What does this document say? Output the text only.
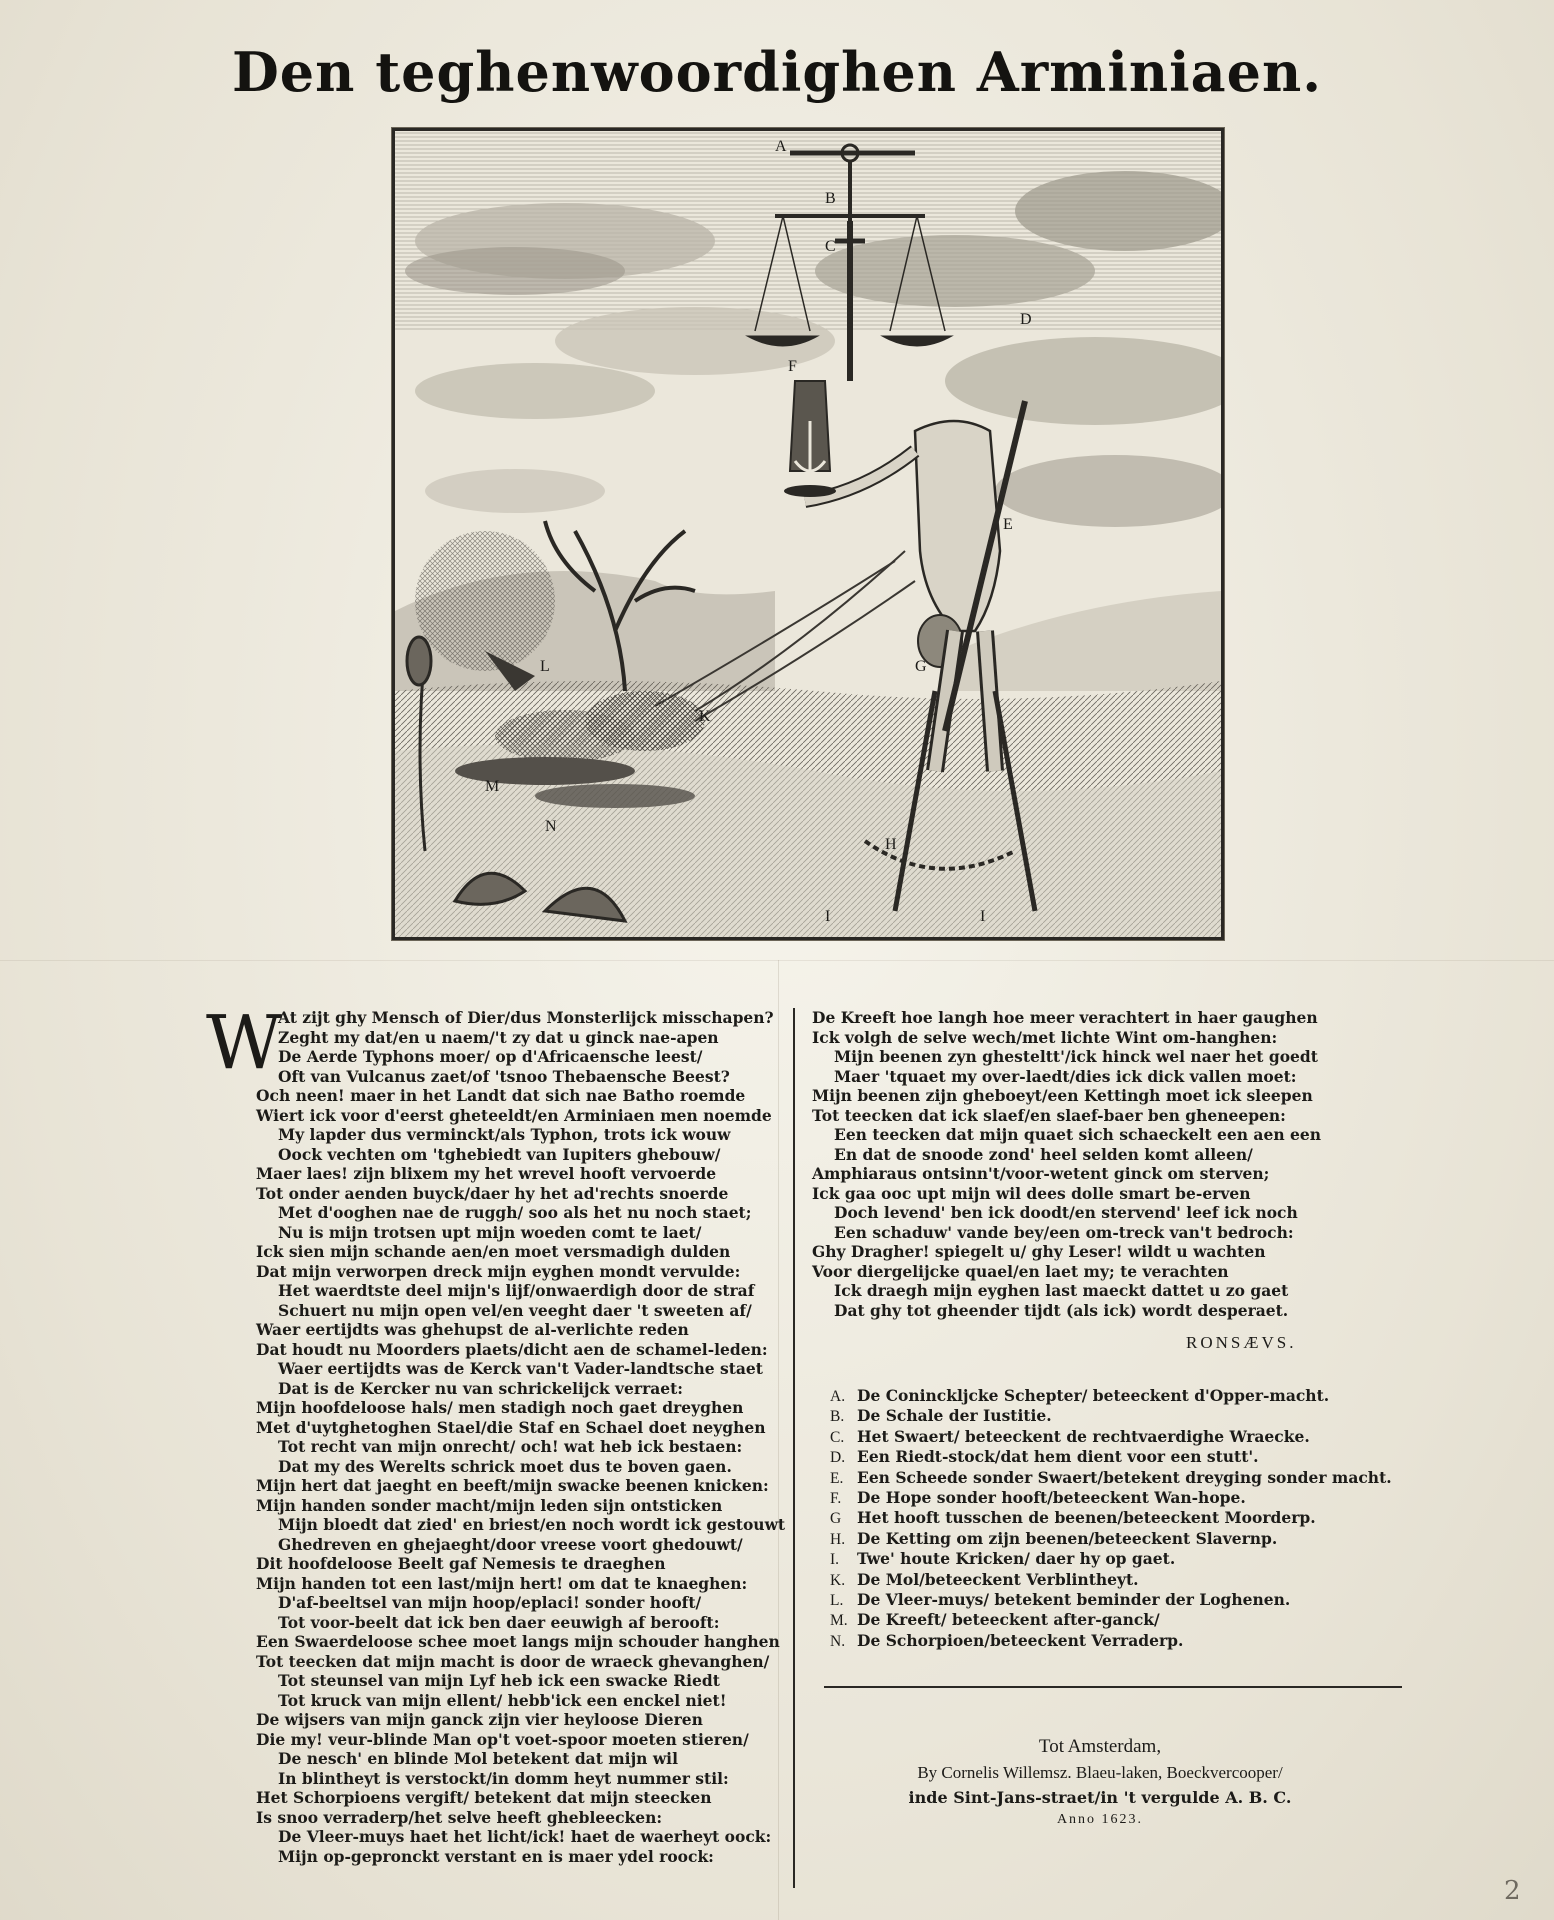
Den teghenwoordighen Arminiaen.
A
B
C
D
F
E
G
H
I	I
K
L
M
N
W
At zijt ghy Mensch of Dier/dus Monsterlijck misschapen?
Zeght my dat/en u naem/'t zy dat u ginck nae-apen
De Aerde Typhons moer/ op d'Africaensche leest/
Oft van Vulcanus zaet/of 'tsnoo Thebaensche Beest?
Och neen! maer in het Landt dat sich nae Batho roemde
Wiert ick voor d'eerst gheteeldt/en Arminiaen men noemde
My lapder dus verminckt/als Typhon, trots ick wouw
Oock vechten om 'tghebiedt van Iupiters ghebouw/
Maer laes! zijn blixem my het wrevel hooft vervoerde
Tot onder aenden buyck/daer hy het ad'rechts snoerde
Met d'ooghen nae de ruggh/ soo als het nu noch staet;
Nu is mijn trotsen upt mijn woeden comt te laet/
Ick sien mijn schande aen/en moet versmadigh dulden
Dat mijn verworpen dreck mijn eyghen mondt vervulde:
Het waerdtste deel mijn's lijf/onwaerdigh door de straf
Schuert nu mijn open vel/en veeght daer 't sweeten af/
Waer eertijdts was ghehupst de al-verlichte reden
Dat houdt nu Moorders plaets/dicht aen de schamel-leden:
Waer eertijdts was de Kerck van't Vader-landtsche staet
Dat is de Kercker nu van schrickelijck verraet:
Mijn hoofdeloose hals/ men stadigh noch gaet dreyghen
Met d'uytghetoghen Stael/die Staf en Schael doet neyghen
Tot recht van mijn onrecht/ och! wat heb ick bestaen:
Dat my des Werelts schrick moet dus te boven gaen.
Mijn hert dat jaeght en beeft/mijn swacke beenen knicken:
Mijn handen sonder macht/mijn leden sijn ontsticken
Mijn bloedt dat zied' en briest/en noch wordt ick gestouwt
Ghedreven en ghejaeght/door vreese voort ghedouwt/
Dit hoofdeloose Beelt gaf Nemesis te draeghen
Mijn handen tot een last/mijn hert! om dat te knaeghen:
D'af-beeltsel van mijn hoop/eplaci! sonder hooft/
Tot voor-beelt dat ick ben daer eeuwigh af berooft:
Een Swaerdeloose schee moet langs mijn schouder hanghen
Tot teecken dat mijn macht is door de wraeck ghevanghen/
Tot steunsel van mijn Lyf heb ick een swacke Riedt
Tot kruck van mijn ellent/ hebb'ick een enckel niet!
De wijsers van mijn ganck zijn vier heyloose Dieren
Die my! veur-blinde Man op't voet-spoor moeten stieren/
De nesch' en blinde Mol betekent dat mijn wil
In blintheyt is verstockt/in domm heyt nummer stil:
Het Schorpioens vergift/ betekent dat mijn steecken
Is snoo verraderp/het selve heeft ghebleecken:
De Vleer-muys haet het licht/ick! haet de waerheyt oock:
Mijn op-gepronckt verstant en is maer ydel roock:
De Kreeft hoe langh hoe meer verachtert in haer gaughen
Ick volgh de selve wech/met lichte Wint om-hanghen:
Mijn beenen zyn ghesteltt'/ick hinck wel naer het goedt
Maer 'tquaet my over-laedt/dies ick dick vallen moet:
Mijn beenen zijn gheboeyt/een Kettingh moet ick sleepen
Tot teecken dat ick slaef/en slaef-baer ben gheneepen:
Een teecken dat mijn quaet sich schaeckelt een aen een
En dat de snoode zond' heel selden komt alleen/
Amphiaraus ontsinn't/voor-wetent ginck om sterven;
Ick gaa ooc upt mijn wil dees dolle smart be-erven
Doch levend' ben ick doodt/en stervend' leef ick noch
Een schaduw' vande bey/een om-treck van't bedroch:
Ghy Dragher! spiegelt u/ ghy Leser! wildt u wachten
Voor diergelijcke quael/en laet my; te verachten
Ick draegh mijn eyghen last maeckt dattet u zo gaet
Dat ghy tot gheender tijdt (als ick) wordt desperaet.
RONSÆVS.
A. De Coninckljcke Schepter/ beteeckent d'Opper-macht.
B. De Schale der Iustitie.
C. Het Swaert/ beteeckent de rechtvaerdighe Wraecke.
D. Een Riedt-stock/dat hem dient voor een stutt'.
E. Een Scheede sonder Swaert/betekent dreyging sonder macht.
F. De Hope sonder hooft/beteeckent Wan-hope.
G Het hooft tusschen de beenen/beteeckent Moorderp.
H. De Ketting om zijn beenen/beteeckent Slavernp.
I. Twe' houte Kricken/ daer hy op gaet.
K. De Mol/beteeckent Verblintheyt.
L. De Vleer-muys/ betekent beminder der Loghenen.
M. De Kreeft/ beteeckent after-ganck/
N. De Schorpioen/beteeckent Verraderp.
Tot Amsterdam,
By Cornelis Willemsz. Blaeu-laken, Boeckvercooper/
inde Sint-Jans-straet/in 't vergulde A. B. C.
Anno 1623.
2
